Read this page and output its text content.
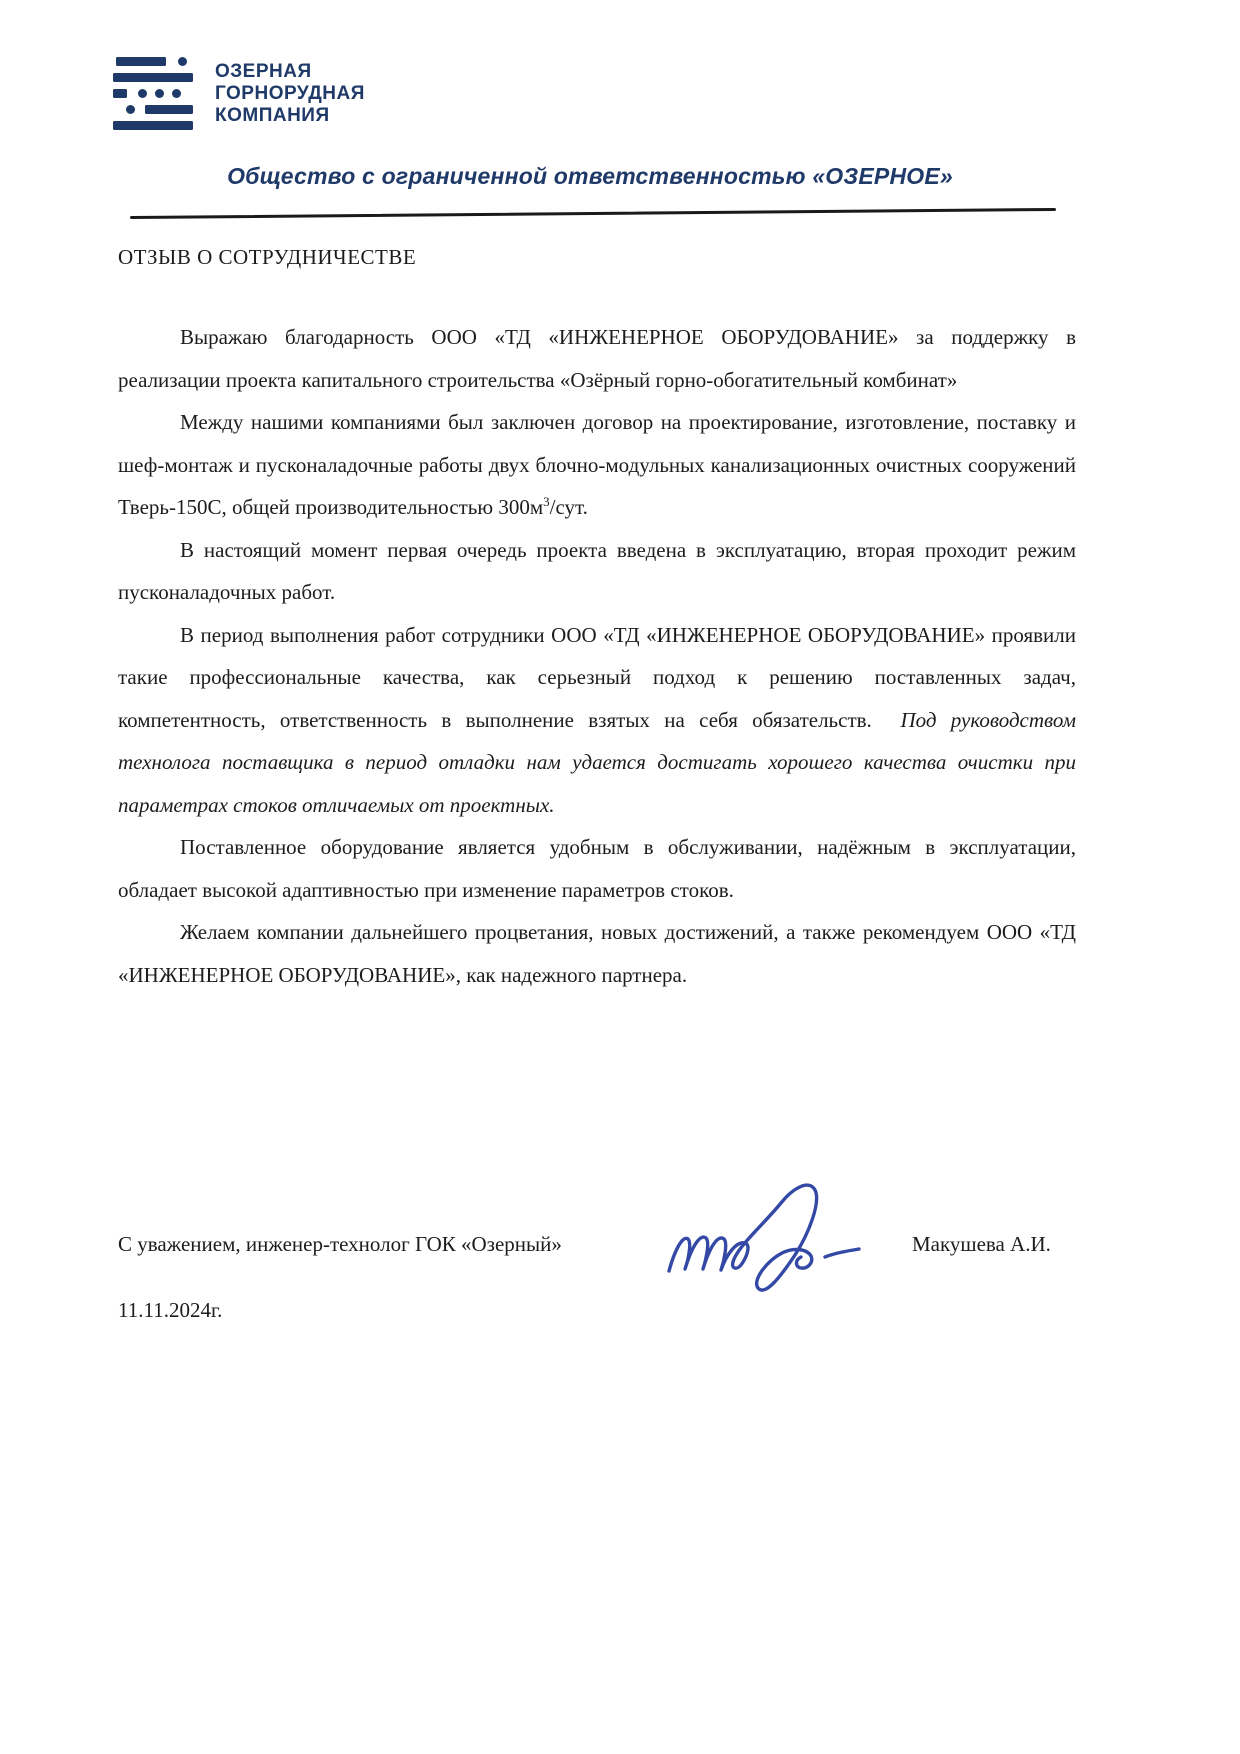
ОЗЕРНАЯ
ГОРНОРУДНАЯ
КОМПАНИЯ
Общество с ограниченной ответственностью «ОЗЕРНОЕ»
ОТЗЫВ О СОТРУДНИЧЕСТВЕ

Выражаю благодарность ООО «ТД «ИНЖЕНЕРНОЕ ОБОРУДОВАНИЕ» за поддержку в реализации проекта капитального строительства «Озёрный горно-обогатительный комбинат»

Между нашими компаниями был заключен договор на проектирование, изготовление, поставку и шеф-монтаж и пусконаладочные работы двух блочно-модульных канализационных очистных сооружений Тверь-150С, общей производительностью $300м^3$/сут.

В настоящий момент первая очередь проекта введена в эксплуатацию, вторая проходит режим пусконаладочных работ.

В период выполнения работ сотрудники ООО «ТД «ИНЖЕНЕРНОЕ ОБОРУДОВАНИЕ» проявили такие профессиональные качества, как серьезный подход к решению поставленных задач, компетентность, ответственность в выполнение взятых на себя обязательств.  Под руководством технолога поставщика в период отладки нам удается достигать хорошего качества очистки при параметрах стоков отличаемых от проектных.

Поставленное оборудование является удобным в обслуживании, надёжным в эксплуатации, обладает высокой адаптивностью при изменение параметров стоков.

Желаем компании дальнейшего процветания, новых достижений, а также рекомендуем ООО «ТД «ИНЖЕНЕРНОЕ ОБОРУДОВАНИЕ», как надежного партнера.

С уважением, инженер-технолог ГОК «Озерный»	Макушева А.И.
11.11.2024г.
